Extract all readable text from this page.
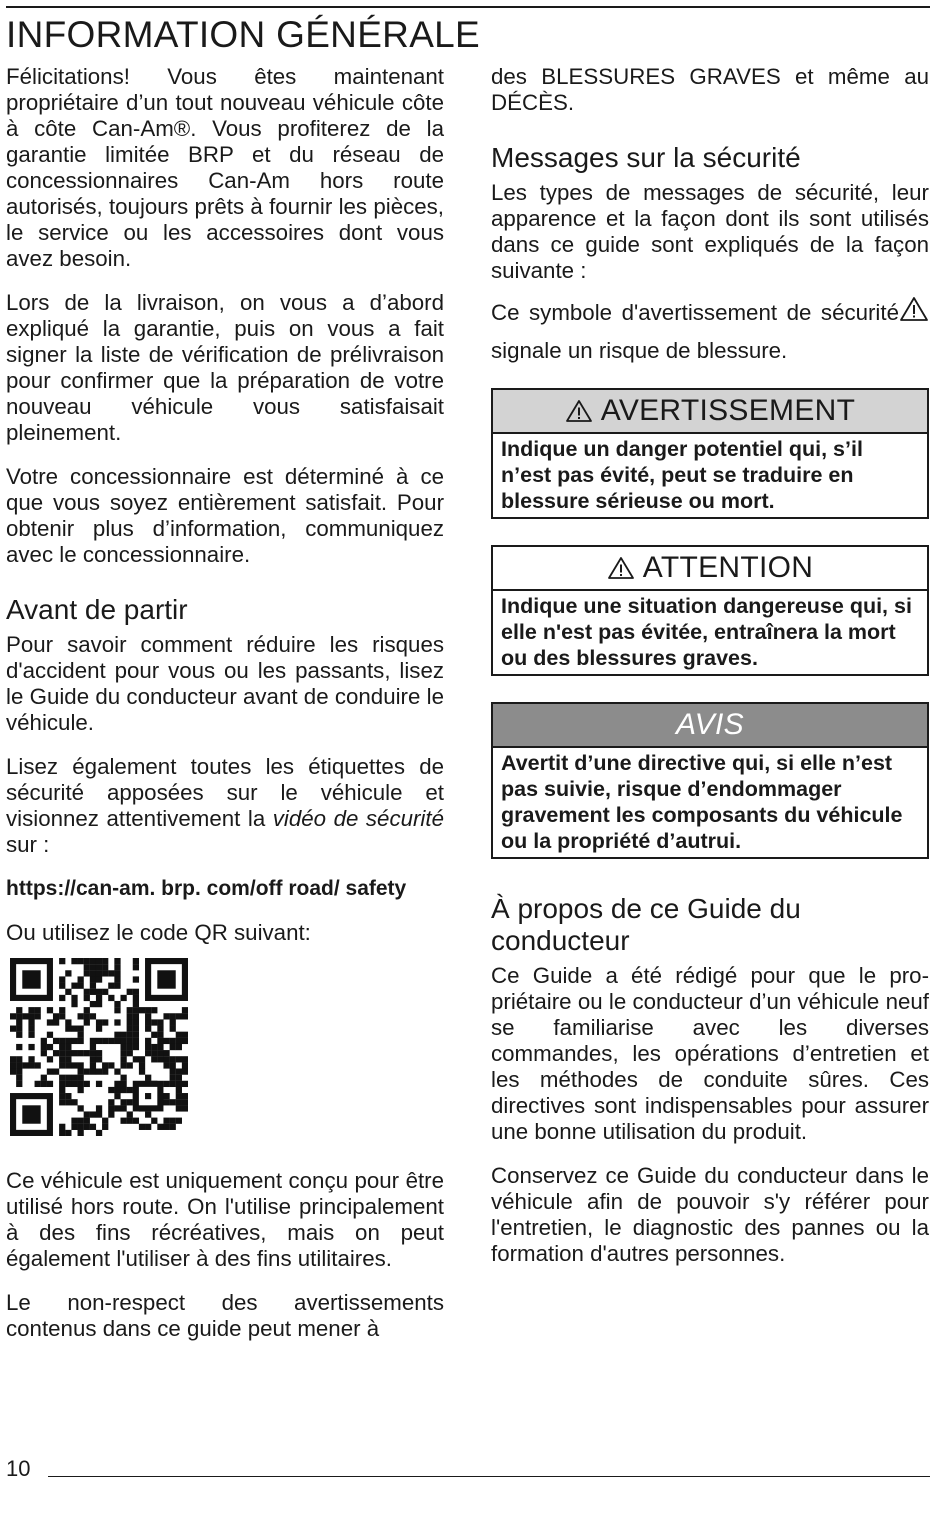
INFORMATION GÉNÉRALE

Félicitations! Vous êtes maintenant propriétaire d’un tout nouveau véhicule côte à côte Can-Am®. Vous profiterez de la garantie limitée BRP et du réseau de concessionnaires Can-Am hors route autorisés, toujours prêts à fournir les pièces, le service ou les accessoires dont vous avez besoin.

Lors de la livraison, on vous a d’abord expliqué la garantie, puis on vous a fait signer la liste de vérification de prélivraison pour confirmer que la préparation de votre nouveau véhicule vous satisfaisait pleinement.

Votre concessionnaire est déterminé à ce que vous soyez entièrement satisfait. Pour obtenir plus d’information, communiquez avec le concessionnaire.

Avant de partir

Pour savoir comment réduire les risques d'accident pour vous ou les passants, lisez le Guide du conducteur avant de conduire le véhicule.

Lisez également toutes les étiquettes de sécurité apposées sur le véhicule et visionnez attentivement la vidéo de sécurité sur :

https://can-am. brp. com/off road/ safety

Ou utilisez le code QR suivant:

Ce véhicule est uniquement conçu pour être utilisé hors route. On l'utilise principalement à des fins récréatives, mais on peut également l'utiliser à des fins utilitaires.

Le non-respect des avertissements contenus dans ce guide peut mener à

des BLESSURES GRAVES et même au DÉCÈS.

Messages sur la sécurité

Les types de messages de sécurité, leur apparence et la façon dont ils sont utilisés dans ce guide sont expliqués de la façon suivante :

Ce symbole d'avertissement de sécurité signale un risque de blessure.

AVERTISSEMENT
Indique un danger potentiel qui, s’il n’est pas évité, peut se traduire en blessure sérieuse ou mort.
ATTENTION
Indique une situation dangereuse qui, si elle n'est pas évitée, entraînera la mort ou des blessures graves.
AVIS
Avertit d’une directive qui, si elle n’est pas suivie, risque d’endommager gravement les composants du véhicule ou la propriété d’autrui.
À propos de ce Guide du conducteur

Ce Guide a été rédigé pour que le propriétaire ou le conducteur d’un véhicule neuf se familiarise avec les diverses commandes, les opérations d’entretien et les méthodes de conduite sûres. Ces directives sont indispensables pour assurer une bonne utilisation du produit.

Conservez ce Guide du conducteur dans le véhicule afin de pouvoir s'y référer pour l'entretien, le diagnostic des pannes ou la formation d'autres personnes.

10
